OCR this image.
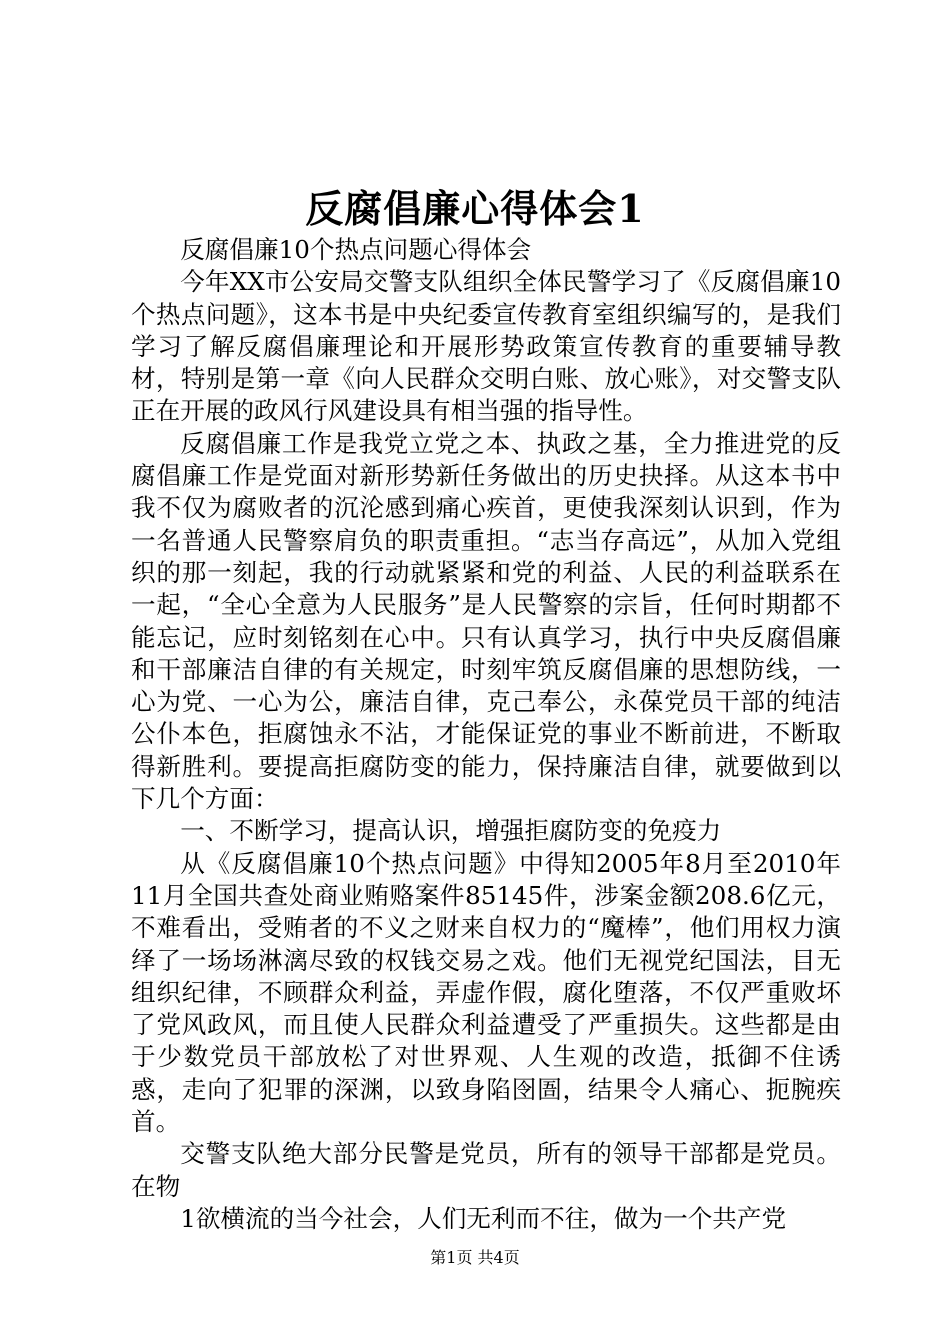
反腐倡廉心得体会1

反腐倡廉10个热点问题心得体会

今年XX市公安局交警支队组织全体民警学习了《反腐倡廉10个热点问题》，这本书是中央纪委宣传教育室组织编写的，是我们学习了解反腐倡廉理论和开展形势政策宣传教育的重要辅导教材，特别是第一章《向人民群众交明白账、放心账》，对交警支队正在开展的政风行风建设具有相当强的指导性。

反腐倡廉工作是我党立党之本、执政之基，全力推进党的反腐倡廉工作是党面对新形势新任务做出的历史抉择。从这本书中我不仅为腐败者的沉沦感到痛心疾首，更使我深刻认识到，作为一名普通人民警察肩负的职责重担。“志当存高远”，从加入党组织的那一刻起，我的行动就紧紧和党的利益、人民的利益联系在一起，“全心全意为人民服务”是人民警察的宗旨，任何时期都不能忘记，应时刻铭刻在心中。只有认真学习，执行中央反腐倡廉和干部廉洁自律的有关规定，时刻牢筑反腐倡廉的思想防线，一心为党、一心为公，廉洁自律，克己奉公，永葆党员干部的纯洁公仆本色，拒腐蚀永不沾，才能保证党的事业不断前进，不断取得新胜利。要提高拒腐防变的能力，保持廉洁自律，就要做到以下几个方面：

一、不断学习，提高认识，增强拒腐防变的免疫力

从《反腐倡廉10个热点问题》中得知2005年8月至2010年11月全国共查处商业贿赂案件85145件，涉案金额208.6亿元，不难看出，受贿者的不义之财来自权力的“魔棒”，他们用权力演绎了一场场淋漓尽致的权钱交易之戏。他们无视党纪国法，目无组织纪律，不顾群众利益，弄虚作假，腐化堕落，不仅严重败坏了党风政风，而且使人民群众利益遭受了严重损失。这些都是由于少数党员干部放松了对世界观、人生观的改造，抵御不住诱惑，走向了犯罪的深渊，以致身陷囹圄，结果令人痛心、扼腕疾首。

交警支队绝大部分民警是党员，所有的领导干部都是党员。在物

1欲横流的当今社会，人们无利而不往，做为一个共产党

第1页 共4页
